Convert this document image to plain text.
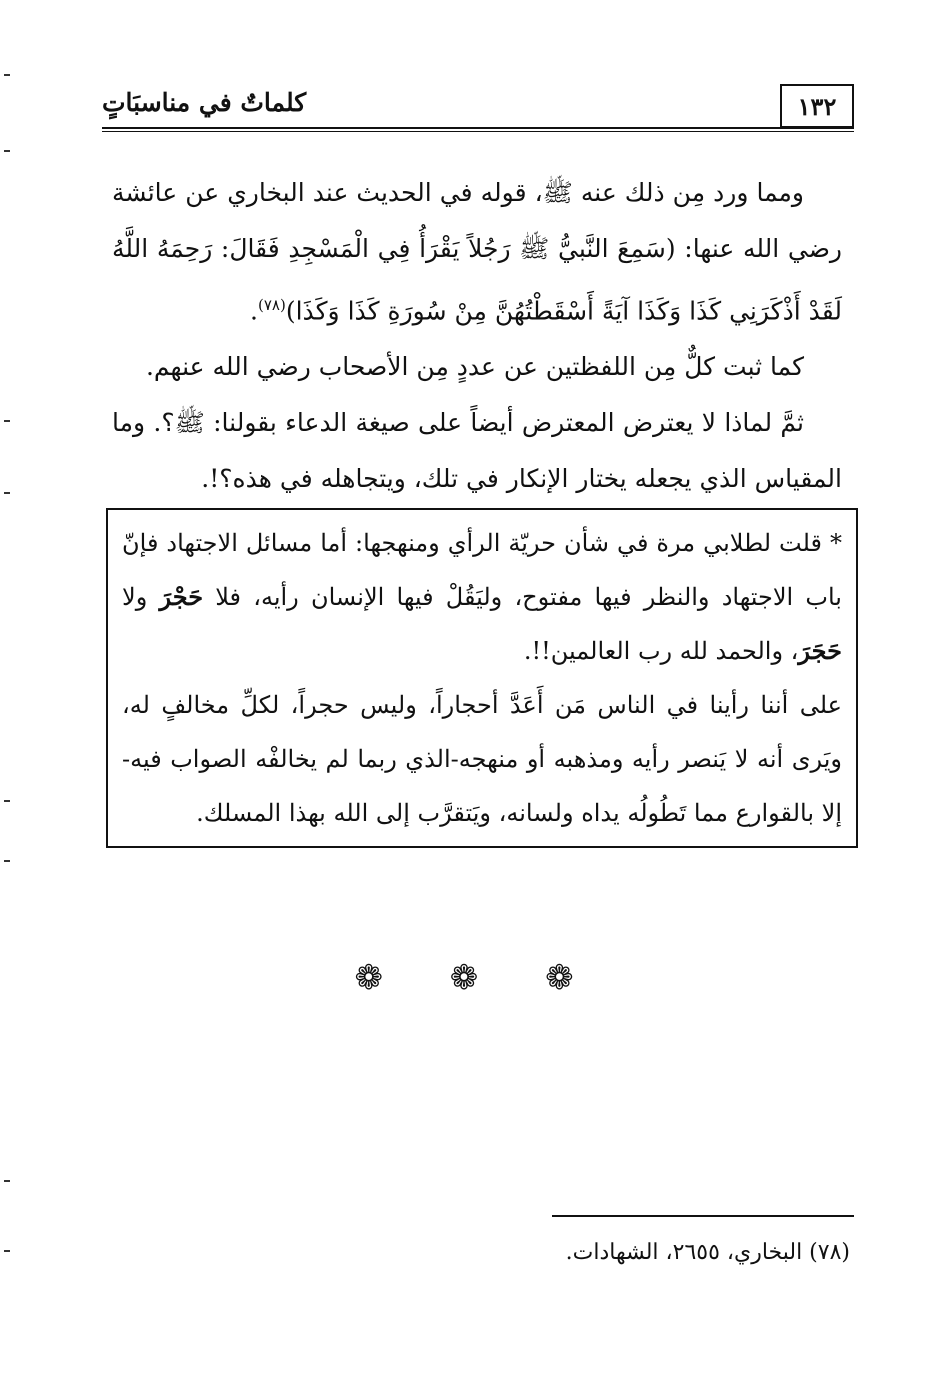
١٣٢
كلماتٌ في مناسبَاتٍ

ومما ورد مِن ذلك عنه ﷺ، قوله في الحديث عند البخاري عن عائشة رضي الله عنها: (سَمِعَ النَّبيُّ ﷺ رَجُلاً يَقْرَأُ فِي الْمَسْجِدِ فَقَالَ: رَحِمَهُ اللَّهُ لَقَدْ أَذْكَرَنِي كَذَا وَكَذَا آيَةً أَسْقَطْتُهُنَّ مِنْ سُورَةِ كَذَا وَكَذَا)$^{(٧٨)}$.

كما ثبت كلٌّ مِن اللفظتين عن عددٍ مِن الأصحاب رضي الله عنهم.

ثمَّ لماذا لا يعترض المعترض أيضاً على صيغة الدعاء بقولنا: ﷺ؟. وما المقياس الذي يجعله يختار الإنكار في تلك، ويتجاهله في هذه؟!.

* قلت لطلابي مرة في شأن حريّة الرأي ومنهجها: أما مسائل الاجتهاد فإنّ باب الاجتهاد والنظر فيها مفتوح، وليَقُلْ فيها الإنسان رأيه، فلا حَجْرَ ولا حَجَرَ، والحمد لله رب العالمين!!.

على أننا رأينا في الناس مَن أَعَدَّ أحجاراً، وليس حجراً، لكلِّ مخالفٍ له، ويَرى أنه لا يَنصر رأيه ومذهبه أو منهجه-الذي ربما لم يخالفْه الصواب فيه-إلا بالقوارع مما تَطُولُه يداه ولسانه، ويَتقرَّب إلى الله بهذا المسلك.

❁ ❁ ❁
(٧٨) البخاري، ٢٦٥٥، الشهادات.
